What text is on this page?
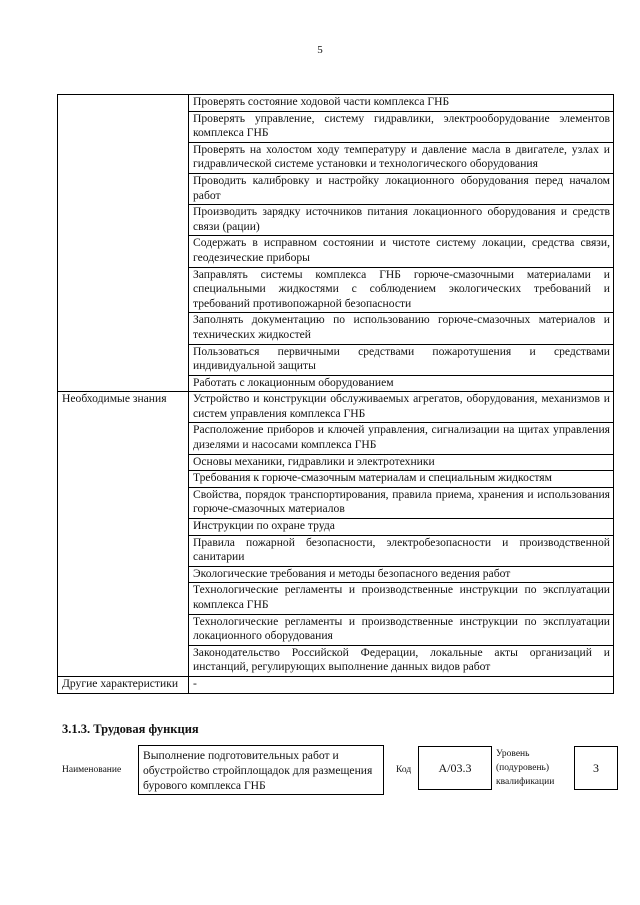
5
	Проверять состояние ходовой части комплекса ГНБ
	Проверять управление, систему гидравлики, электрооборудование элементов комплекса ГНБ
	Проверять на холостом ходу температуру и давление масла в двигателе, узлах и гидравлической системе установки и технологического оборудования
	Проводить калибровку и настройку локационного оборудования перед началом работ
	Производить зарядку источников питания локационного оборудования и средств связи (рации)
	Содержать в исправном состоянии и чистоте систему локации, средства связи, геодезические приборы
	Заправлять системы комплекса ГНБ горюче-смазочными материалами и специальными жидкостями с соблюдением экологических требований и требований противопожарной безопасности
	Заполнять документацию по использованию горюче-смазочных материалов и технических жидкостей
	Пользоваться первичными средствами пожаротушения и средствами индивидуальной защиты
	Работать с локационным оборудованием
Необходимые знания	Устройство и конструкции обслуживаемых агрегатов, оборудования, механизмов и систем управления комплекса ГНБ
	Расположение приборов и ключей управления, сигнализации на щитах управления дизелями и насосами комплекса ГНБ
	Основы механики, гидравлики и электротехники
	Требования к горюче-смазочным материалам и специальным жидкостям
	Свойства, порядок транспортирования, правила приема, хранения и использования горюче-смазочных материалов
	Инструкции по охране труда
	Правила пожарной безопасности, электробезопасности и производственной санитарии
	Экологические требования и методы безопасного ведения работ
	Технологические регламенты и производственные инструкции по эксплуатации комплекса ГНБ
	Технологические регламенты и производственные инструкции по эксплуатации локационного оборудования
	Законодательство Российской Федерации, локальные акты организаций и инстанций, регулирующих выполнение данных видов работ
Другие характеристики	-
3.1.3. Трудовая функция
Наименование
Выполнение подготовительных работ и обустройство стройплощадок для размещения бурового комплекса ГНБ
Код	А/03.3
Уровень
(подуровень)
квалификации
3
